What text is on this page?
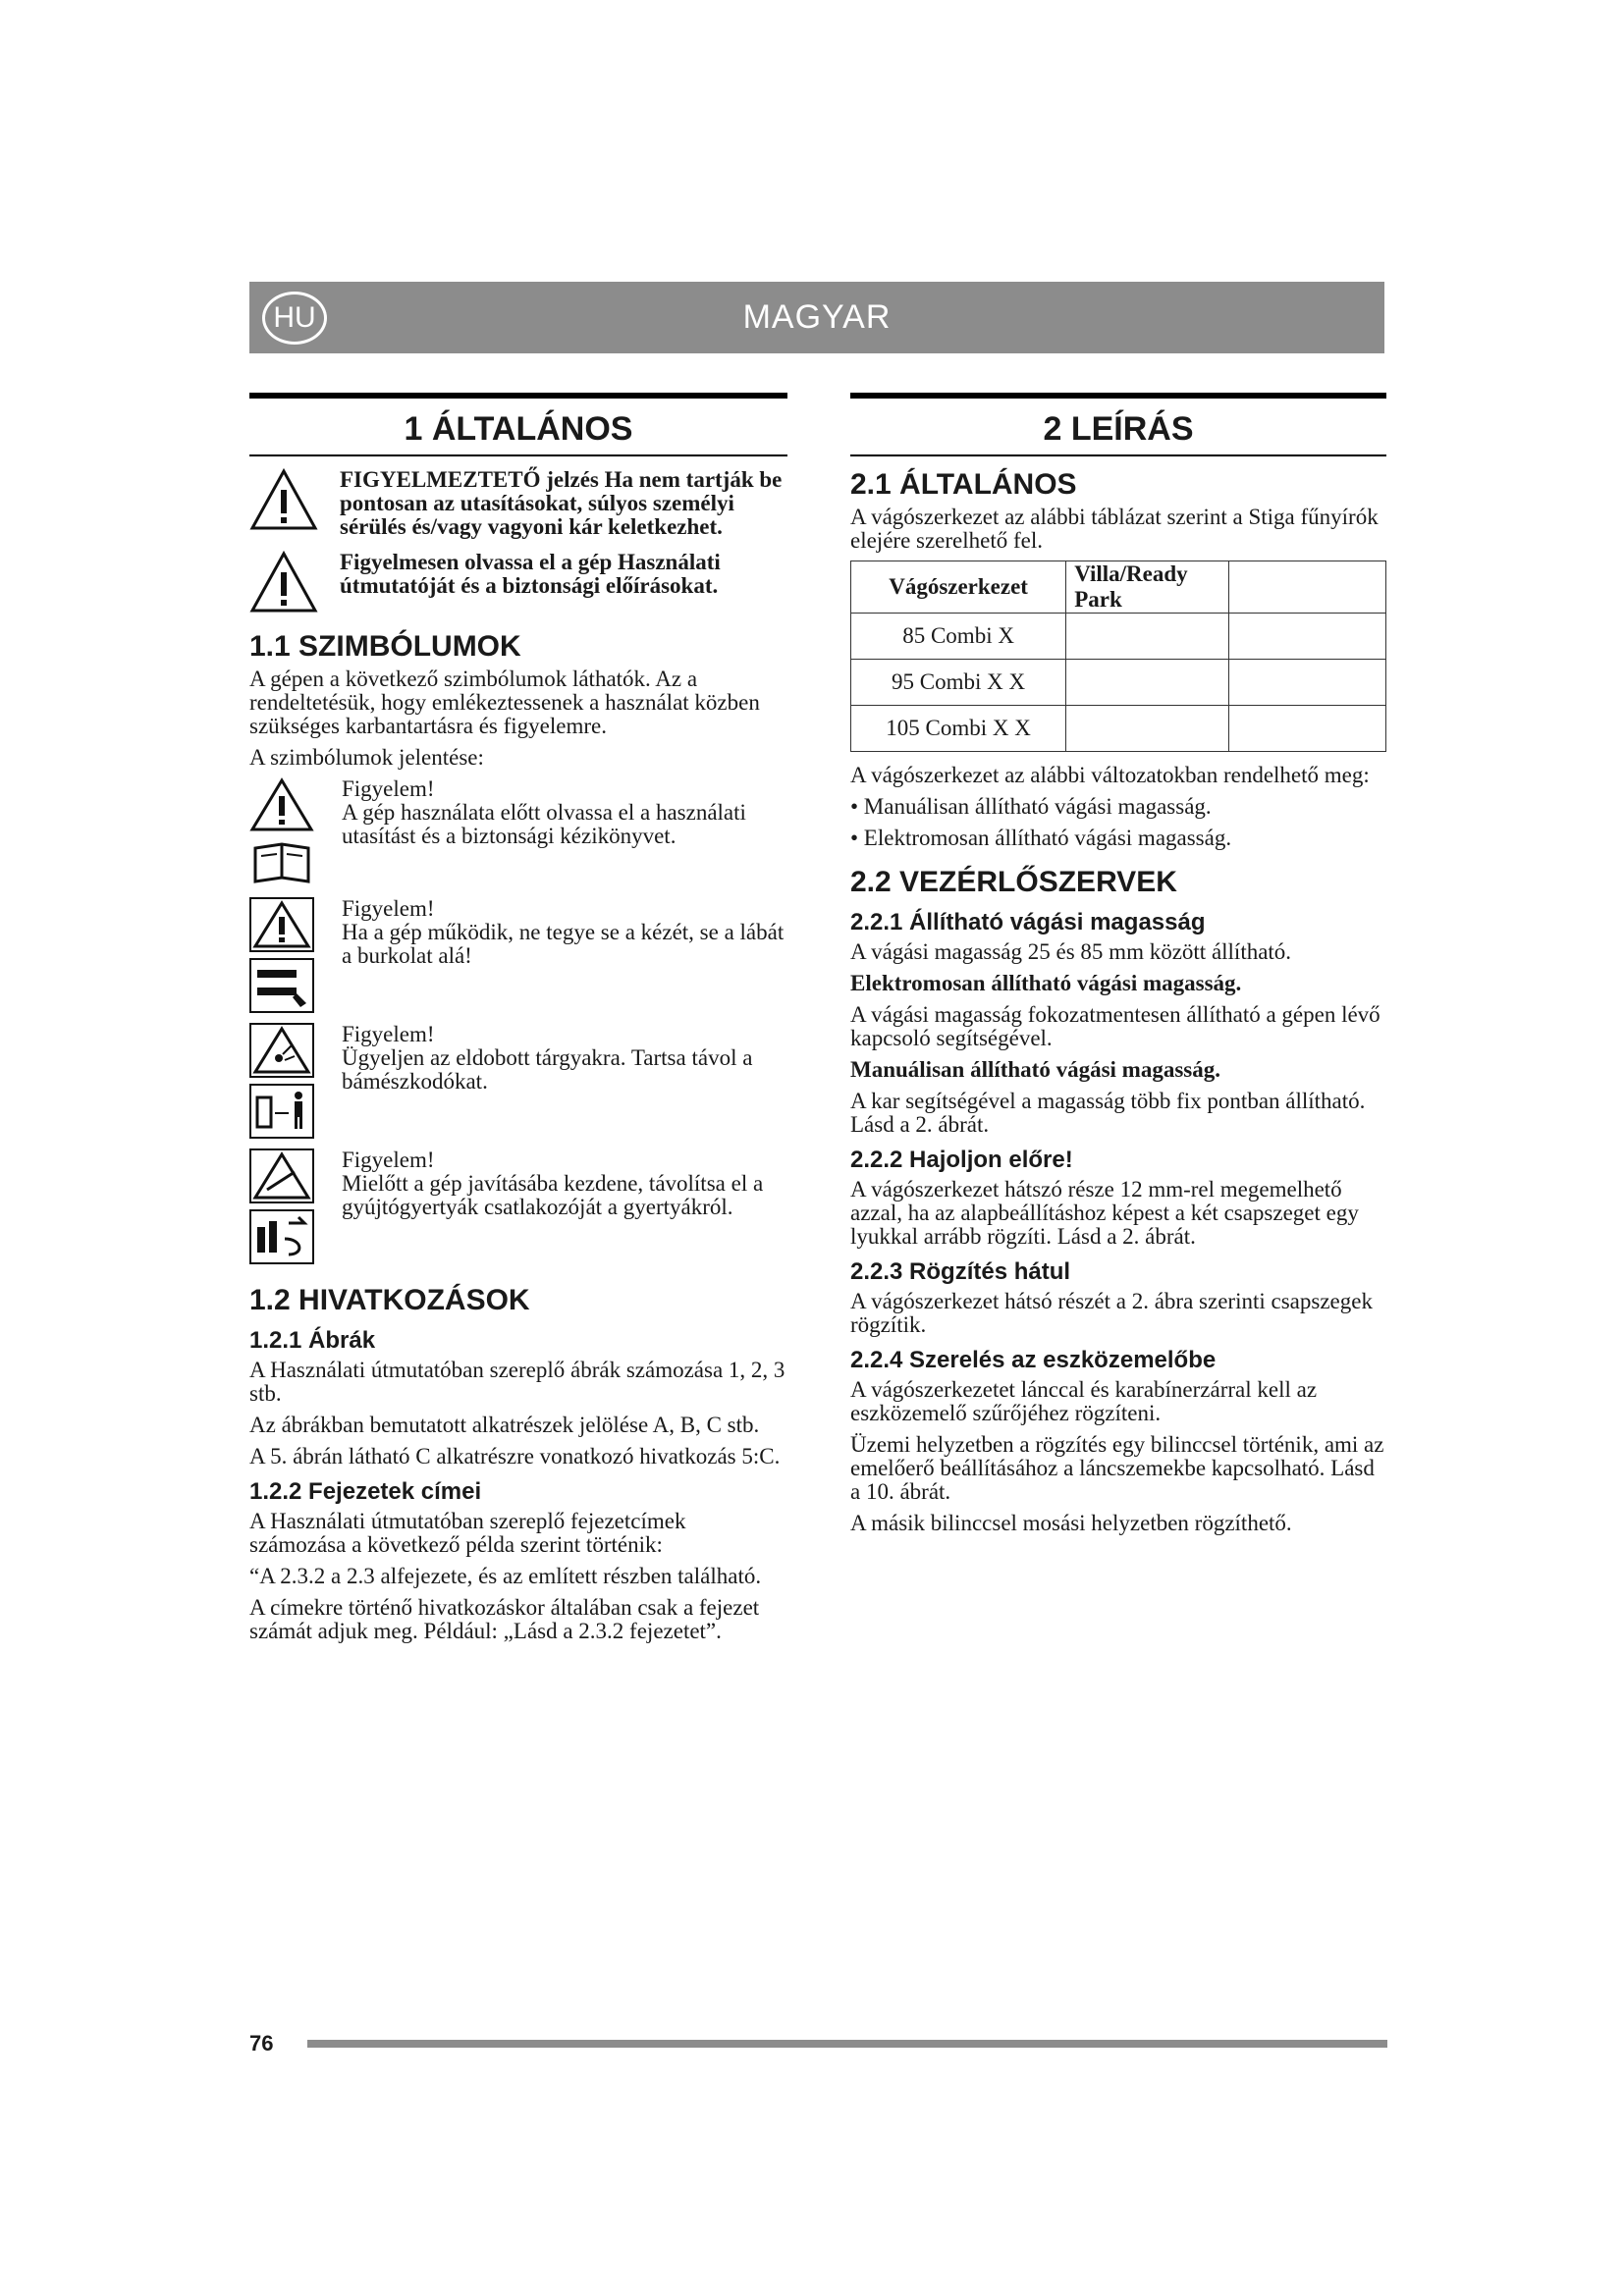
HU	MAGYAR
1 ÁLTALÁNOS
FIGYELMEZTETŐ jelzés Ha nem tartják be pontosan az utasításokat, súlyos személyi sérülés és/vagy vagyoni kár keletkezhet.
Figyelmesen olvassa el a gép Használati útmutatóját és a biztonsági előírásokat.
1.1 SZIMBÓLUMOK
A gépen a következő szimbólumok láthatók. Az a rendeltetésük, hogy emlékeztessenek a használat közben szükséges karbantartásra és figyelemre.
A szimbólumok jelentése:
Figyelem!
A gép használata előtt olvassa el a használati utasítást és a biztonsági kézikönyvet.
Figyelem!
Ha a gép működik, ne tegye se a kézét, se a lábát a burkolat alá!
Figyelem!
Ügyeljen az eldobott tárgyakra. Tartsa távol a bámészkodókat.
Figyelem!
Mielőtt a gép javításába kezdene, távolítsa el a gyújtógyertyák csatlakozóját a gyertyákról.
1.2 HIVATKOZÁSOK
1.2.1 Ábrák
A Használati útmutatóban szereplő ábrák számozása 1, 2, 3 stb.
Az ábrákban bemutatott alkatrészek jelölése A, B, C stb.
A 5. ábrán látható C alkatrészre vonatkozó hivatkozás 5:C.
1.2.2 Fejezetek címei
A Használati útmutatóban szereplő fejezetcímek számozása a következő példa szerint történik:
“A 2.3.2 a 2.3 alfejezete, és az említett részben található.
A címekre történő hivatkozáskor általában csak a fejezet számát adjuk meg. Például: „Lásd a 2.3.2 fejezetet”.
2 LEÍRÁS
2.1 ÁLTALÁNOS
A vágószerkezet az alábbi táblázat szerint a Stiga fűnyírók elejére szerelhető fel.
Vágószerkezet	Villa/Ready Park	
85 Combi X		
95 Combi X X		
105 Combi X X		
A vágószerkezet az alábbi változatokban rendelhető meg:
• Manuálisan állítható vágási magasság.
• Elektromosan állítható vágási magasság.
2.2 VEZÉRLŐSZERVEK
2.2.1 Állítható vágási magasság
A vágási magasság 25 és 85 mm között állítható.
Elektromosan állítható vágási magasság.
A vágási magasság fokozatmentesen állítható a gépen lévő kapcsoló segítségével.
Manuálisan állítható vágási magasság.
A kar segítségével a magasság több fix pontban állítható. Lásd a 2. ábrát.
2.2.2 Hajoljon előre!
A vágószerkezet hátszó része 12 mm-rel megemelhető azzal, ha az alapbeállításhoz képest a két csapszeget egy lyukkal arrább rögzíti. Lásd a 2. ábrát.
2.2.3 Rögzítés hátul
A vágószerkezet hátsó részét a 2. ábra szerinti csapszegek rögzítik.
2.2.4 Szerelés az eszközemelőbe
A vágószerkezetet lánccal és karabínerzárral kell az eszközemelő szűrőjéhez rögzíteni.
Üzemi helyzetben a rögzítés egy bilinccsel történik, ami az emelőerő beállításához a láncszemekbe kapcsolható. Lásd a 10. ábrát.
A másik bilinccsel mosási helyzetben rögzíthető.
76
